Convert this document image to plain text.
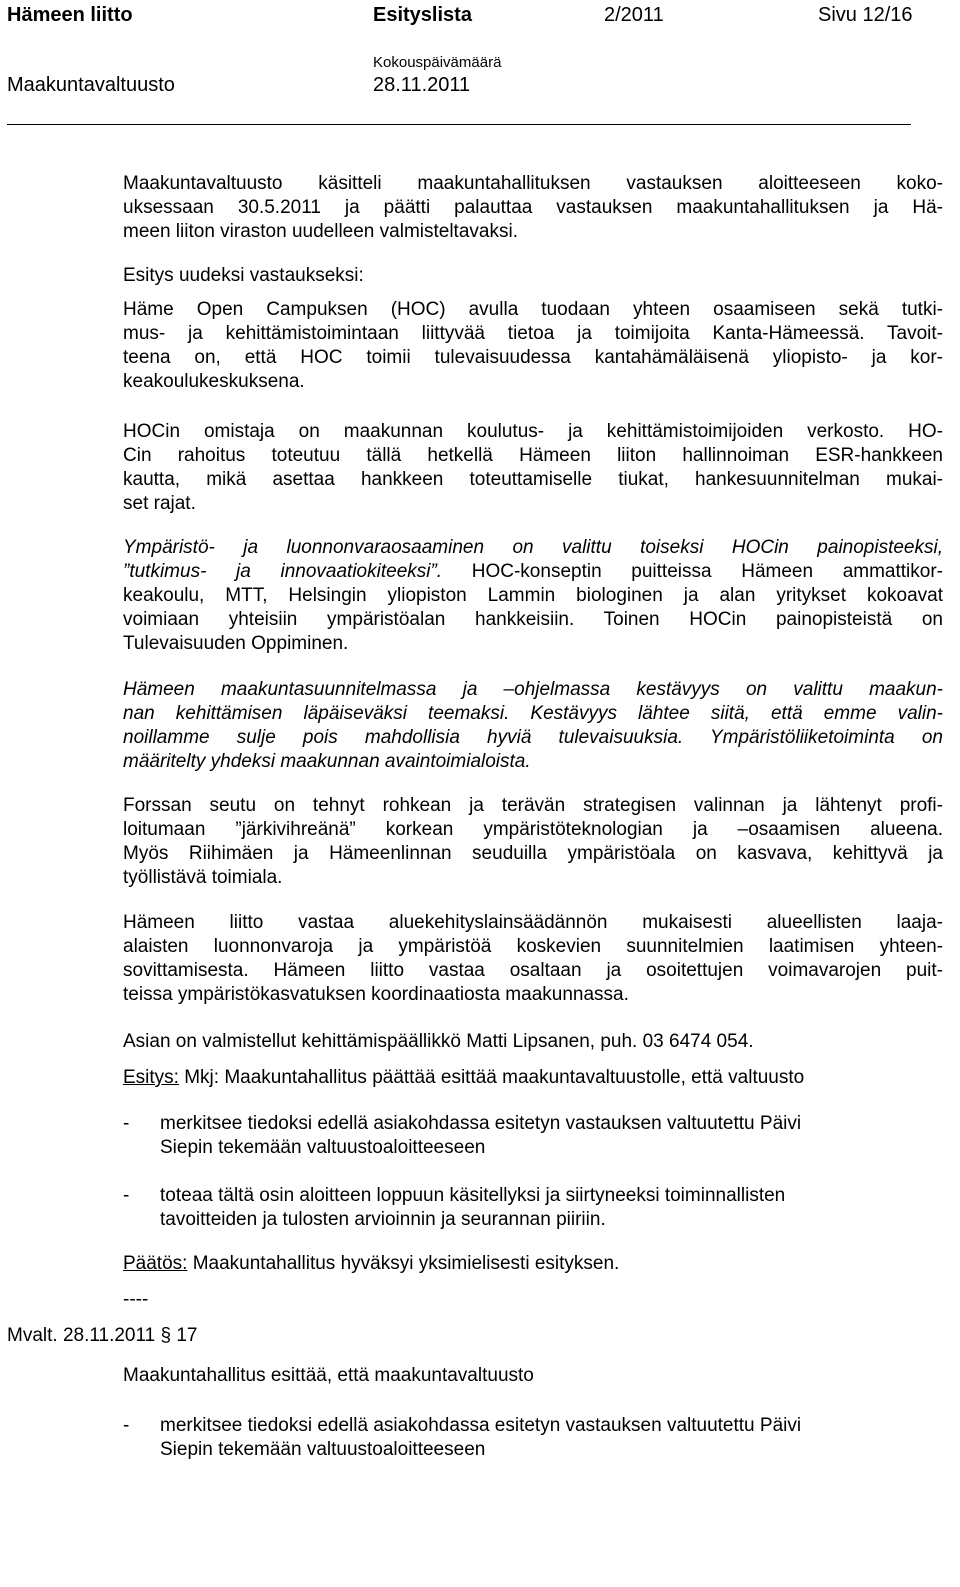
Hämeen liitto	Esityslista	2/2011	Sivu 12/16
Maakuntavaltuusto
Kokouspäivämäärä
28.11.2011
Maakuntavaltuusto käsitteli maakuntahallituksen vastauksen aloitteeseen koko-
uksessaan 30.5.2011 ja päätti palauttaa vastauksen maakuntahallituksen ja Hä-
meen liiton viraston uudelleen valmisteltavaksi.
Esitys uudeksi vastaukseksi:
Häme Open Campuksen (HOC) avulla tuodaan yhteen osaamiseen sekä tutki-
mus- ja kehittämistoimintaan liittyvää tietoa ja toimijoita Kanta-Hämeessä. Tavoit-
teena on, että HOC toimii tulevaisuudessa kantahämäläisenä yliopisto- ja kor-
keakoulukeskuksena.
HOCin omistaja on maakunnan koulutus- ja kehittämistoimijoiden verkosto. HO-
Cin rahoitus toteutuu tällä hetkellä Hämeen liiton hallinnoiman ESR-hankkeen
kautta, mikä asettaa hankkeen toteuttamiselle tiukat, hankesuunnitelman mukai-
set rajat.
Ympäristö- ja luonnonvaraosaaminen on valittu toiseksi HOCin painopisteeksi,
”tutkimus- ja innovaatiokiteeksi”. HOC-konseptin puitteissa Hämeen ammattikor-
keakoulu, MTT, Helsingin yliopiston Lammin biologinen ja alan yritykset kokoavat
voimiaan yhteisiin ympäristöalan hankkeisiin. Toinen HOCin painopisteistä on
Tulevaisuuden Oppiminen.
Hämeen maakuntasuunnitelmassa ja –ohjelmassa kestävyys on valittu maakun-
nan kehittämisen läpäiseväksi teemaksi. Kestävyys lähtee siitä, että emme valin-
noillamme sulje pois mahdollisia hyviä tulevaisuuksia. Ympäristöliiketoiminta on
määritelty yhdeksi maakunnan avaintoimialoista.
Forssan seutu on tehnyt rohkean ja terävän strategisen valinnan ja lähtenyt profi-
loitumaan ”järkivihreänä” korkean ympäristöteknologian ja –osaamisen alueena.
Myös Riihimäen ja Hämeenlinnan seuduilla ympäristöala on kasvava, kehittyvä ja
työllistävä toimiala.
Hämeen liitto vastaa aluekehityslainsäädännön mukaisesti alueellisten laaja-
alaisten luonnonvaroja ja ympäristöä koskevien suunnitelmien laatimisen yhteen-
sovittamisesta. Hämeen liitto vastaa osaltaan ja osoitettujen voimavarojen puit-
teissa ympäristökasvatuksen koordinaatiosta maakunnassa.
Asian on valmistellut kehittämispäällikkö Matti Lipsanen, puh. 03 6474 054.
Esitys: Mkj: Maakuntahallitus päättää esittää maakuntavaltuustolle, että valtuusto
- merkitsee tiedoksi edellä asiakohdassa esitetyn vastauksen valtuutettu Päivi
Siepin tekemään valtuustoaloitteeseen
- toteaa tältä osin aloitteen loppuun käsitellyksi ja siirtyneeksi toiminnallisten
tavoitteiden ja tulosten arvioinnin ja seurannan piiriin.
Päätös: Maakuntahallitus hyväksyi yksimielisesti esityksen.
----
Mvalt. 28.11.2011 § 17
Maakuntahallitus esittää, että maakuntavaltuusto
- merkitsee tiedoksi edellä asiakohdassa esitetyn vastauksen valtuutettu Päivi
Siepin tekemään valtuustoaloitteeseen
